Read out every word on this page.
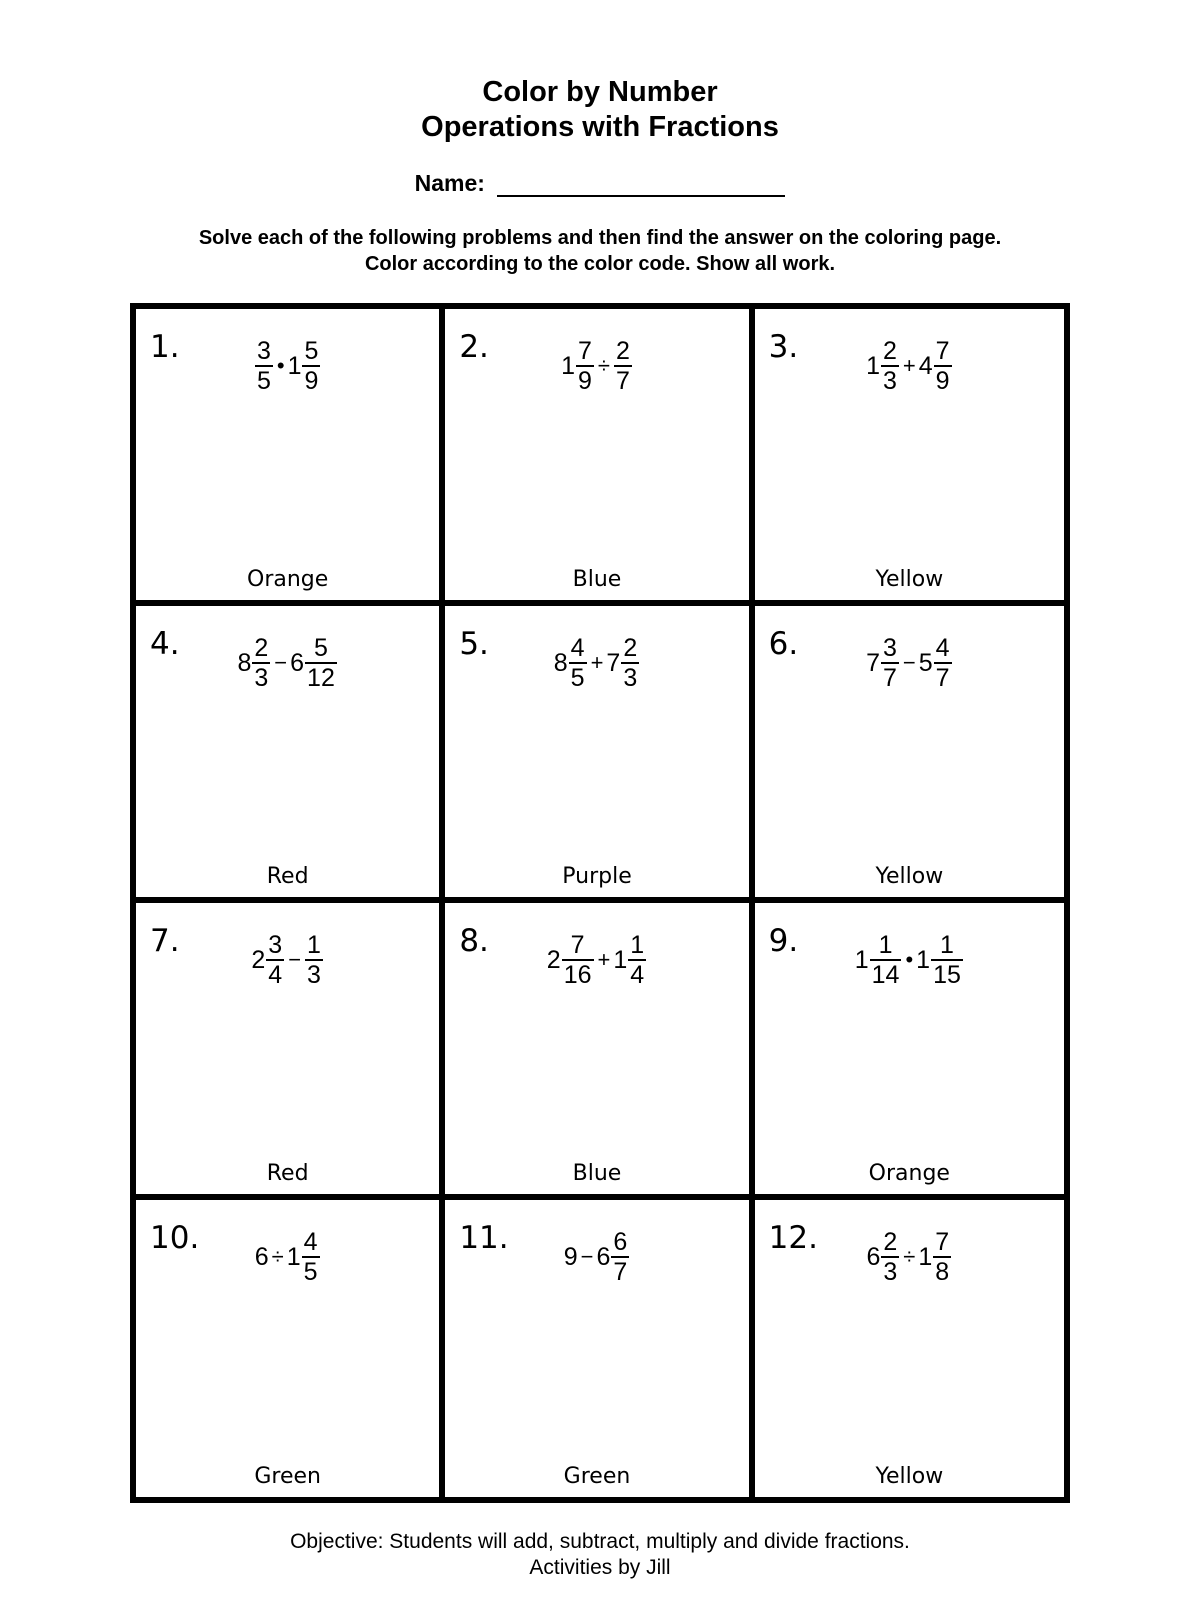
Color by Number
Operations with Fractions
Name:
Solve each of the following problems and then find the answer on the coloring page.
Color according to the color code. Show all work.
1.	$\frac{3}{5}$ • $1 \frac{5}{9}$
Orange
2.
$1 \frac{7}{9} \div \frac{2}{7}$
Blue
3.
$1 \frac{2}{3} + 4 \frac{7}{9}$
Yellow
4.
$8 \frac{2}{3} - 6 \frac{5}{12}$
Red
5.
$8 \frac{4}{5} + 7 \frac{2}{3}$
Purple
6.
$7 \frac{3}{7} - 5 \frac{4}{7}$
Yellow
7.
$2 \frac{3}{4} - \frac{1}{3}$
Red
8.
$2 \frac{7}{16} + 1 \frac{1}{4}$
Blue
9.
$1 \frac{1}{14}$ • $1 \frac{1}{15}$
Orange
10.
$6 \div 1 \frac{4}{5}$
Green
11.
$9 - 6 \frac{6}{7}$
Green
12.
$6 \frac{2}{3} \div 1 \frac{7}{8}$
Yellow
Objective: Students will add, subtract, multiply and divide fractions.
Activities by Jill
